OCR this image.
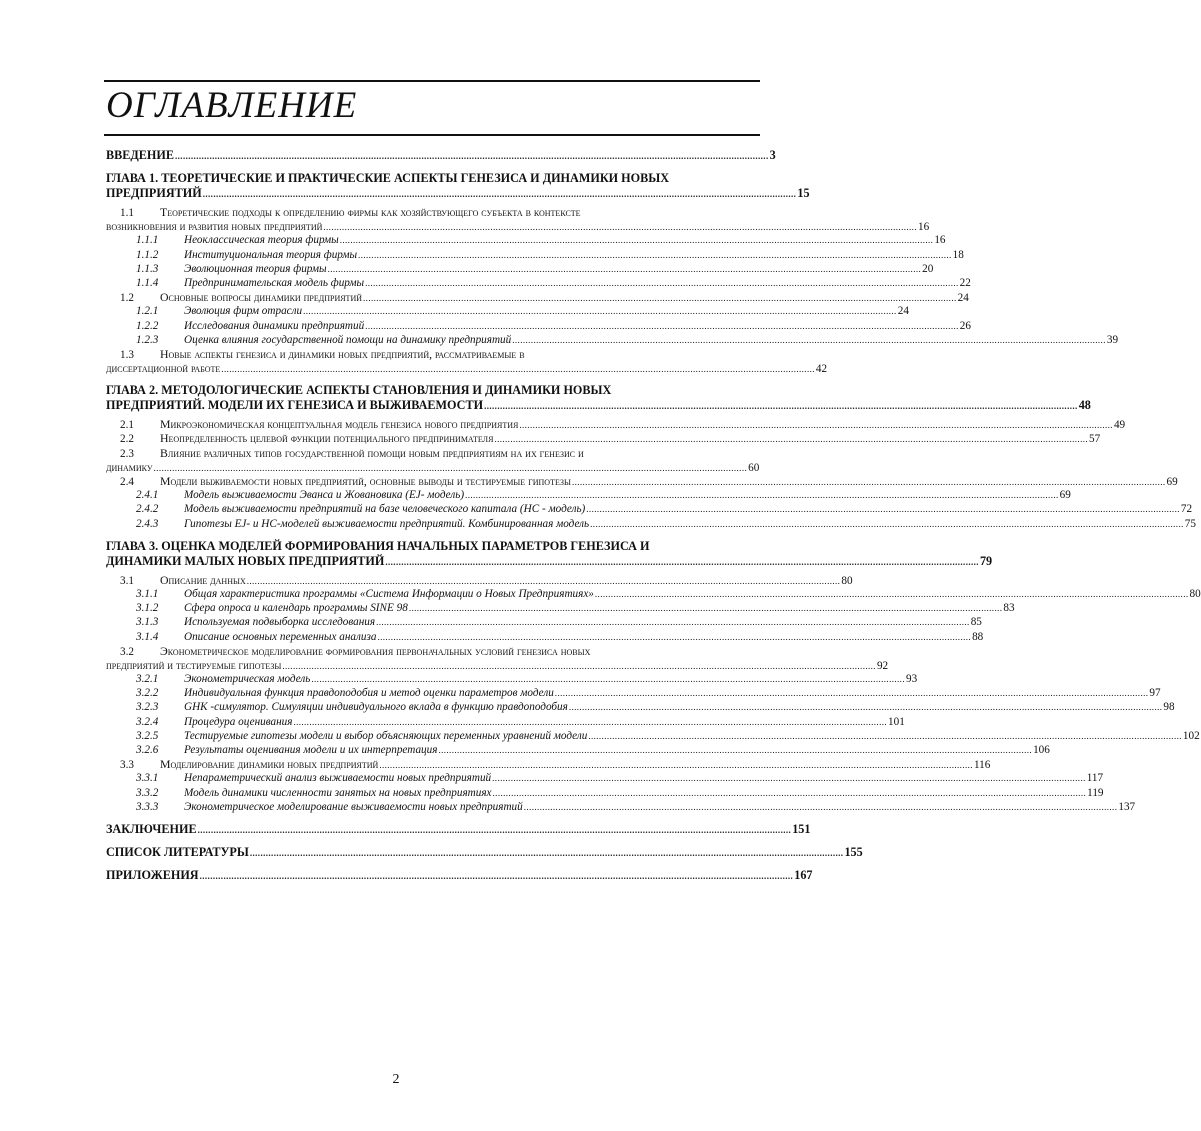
ОГЛАВЛЕНИЕ
ВВЕДЕНИЕ .....	3
ГЛАВА 1. ТЕОРЕТИЧЕСКИЕ И ПРАКТИЧЕСКИЕ АСПЕКТЫ ГЕНЕЗИСА И ДИНАМИКИ НОВЫХ
ПРЕДПРИЯТИЙ .....	15
1.1 Теоретические подходы к определению фирмы как хозяйствующего субъекта в контексте
возникновения и развития новых предприятий .....	16
1.1.1	Неоклассическая теория фирмы .....	16
1.1.2	Институциональная теория фирмы .....	18
1.1.3	Эволюционная теория фирмы .....	20
1.1.4	Предпринимательская модель фирмы .....	22
1.2	Основные вопросы динамики предприятий .....	24
1.2.1	Эволюция фирм отрасли .....	24
1.2.2	Исследования динамики предприятий .....	26
1.2.3	Оценка влияния государственной помощи на динамику предприятий .....	39
1.3 Новые аспекты генезиса и динамики новых предприятий, рассматриваемые в
диссертационной работе .....	42
ГЛАВА 2. МЕТОДОЛОГИЧЕСКИЕ АСПЕКТЫ СТАНОВЛЕНИЯ И ДИНАМИКИ НОВЫХ
ПРЕДПРИЯТИЙ. МОДЕЛИ ИХ ГЕНЕЗИСА И ВЫЖИВАЕМОСТИ .....	48
2.1	Микроэкономическая концептуальная модель генезиса нового предприятия .....	49
2.2	Неопределенность целевой функции потенциального предпринимателя .....	57
2.3 Влияние различных типов государственной помощи новым предприятиям на их генезис и
динамику .....	60
2.4	Модели выживаемости новых предприятий, основные выводы и тестируемые гипотезы .....	69
2.4.1	Модель выживаемости Эванса и Жовановика (EJ- модель) .....	69
2.4.2	Модель выживаемости предприятий на базе человеческого капитала (HC - модель) .....	72
2.4.3	Гипотезы EJ- и HC-моделей выживаемости предприятий. Комбинированная модель .....	75
ГЛАВА 3. ОЦЕНКА МОДЕЛЕЙ ФОРМИРОВАНИЯ НАЧАЛЬНЫХ ПАРАМЕТРОВ ГЕНЕЗИСА И
ДИНАМИКИ МАЛЫХ НОВЫХ ПРЕДПРИЯТИЙ .....	79
3.1	Описание данных .....	80
3.1.1	Общая характеристика программы «Система Информации о Новых Предприятиях» .....	80
3.1.2	Сфера опроса и календарь программы SINE 98 .....	83
3.1.3	Используемая подвыборка исследования .....	85
3.1.4	Описание основных переменных анализа .....	88
3.2 Эконометрическое моделирование формирования первоначальных условий генезиса новых
предприятий и тестируемые гипотезы .....	92
3.2.1	Эконометрическая модель .....	93
3.2.2	Индивидуальная функция правдоподобия и метод оценки параметров модели .....	97
3.2.3	GHK -симулятор. Симуляции индивидуального вклада в функцию правдоподобия .....	98
3.2.4	Процедура оценивания .....	101
3.2.5	Тестируемые гипотезы модели и выбор объясняющих переменных уравнений модели .....	102
3.2.6	Результаты оценивания модели и их интерпретация .....	106
3.3	Моделирование динамики новых предприятий .....	116
3.3.1	Непараметрический анализ выживаемости новых предприятий .....	117
3.3.2	Модель динамики численности занятых на новых предприятиях .....	119
3.3.3	Эконометрическое моделирование выживаемости новых предприятий .....	137
ЗАКЛЮЧЕНИЕ .....	151
СПИСОК ЛИТЕРАТУРЫ .....	155
ПРИЛОЖЕНИЯ .....	167
2
